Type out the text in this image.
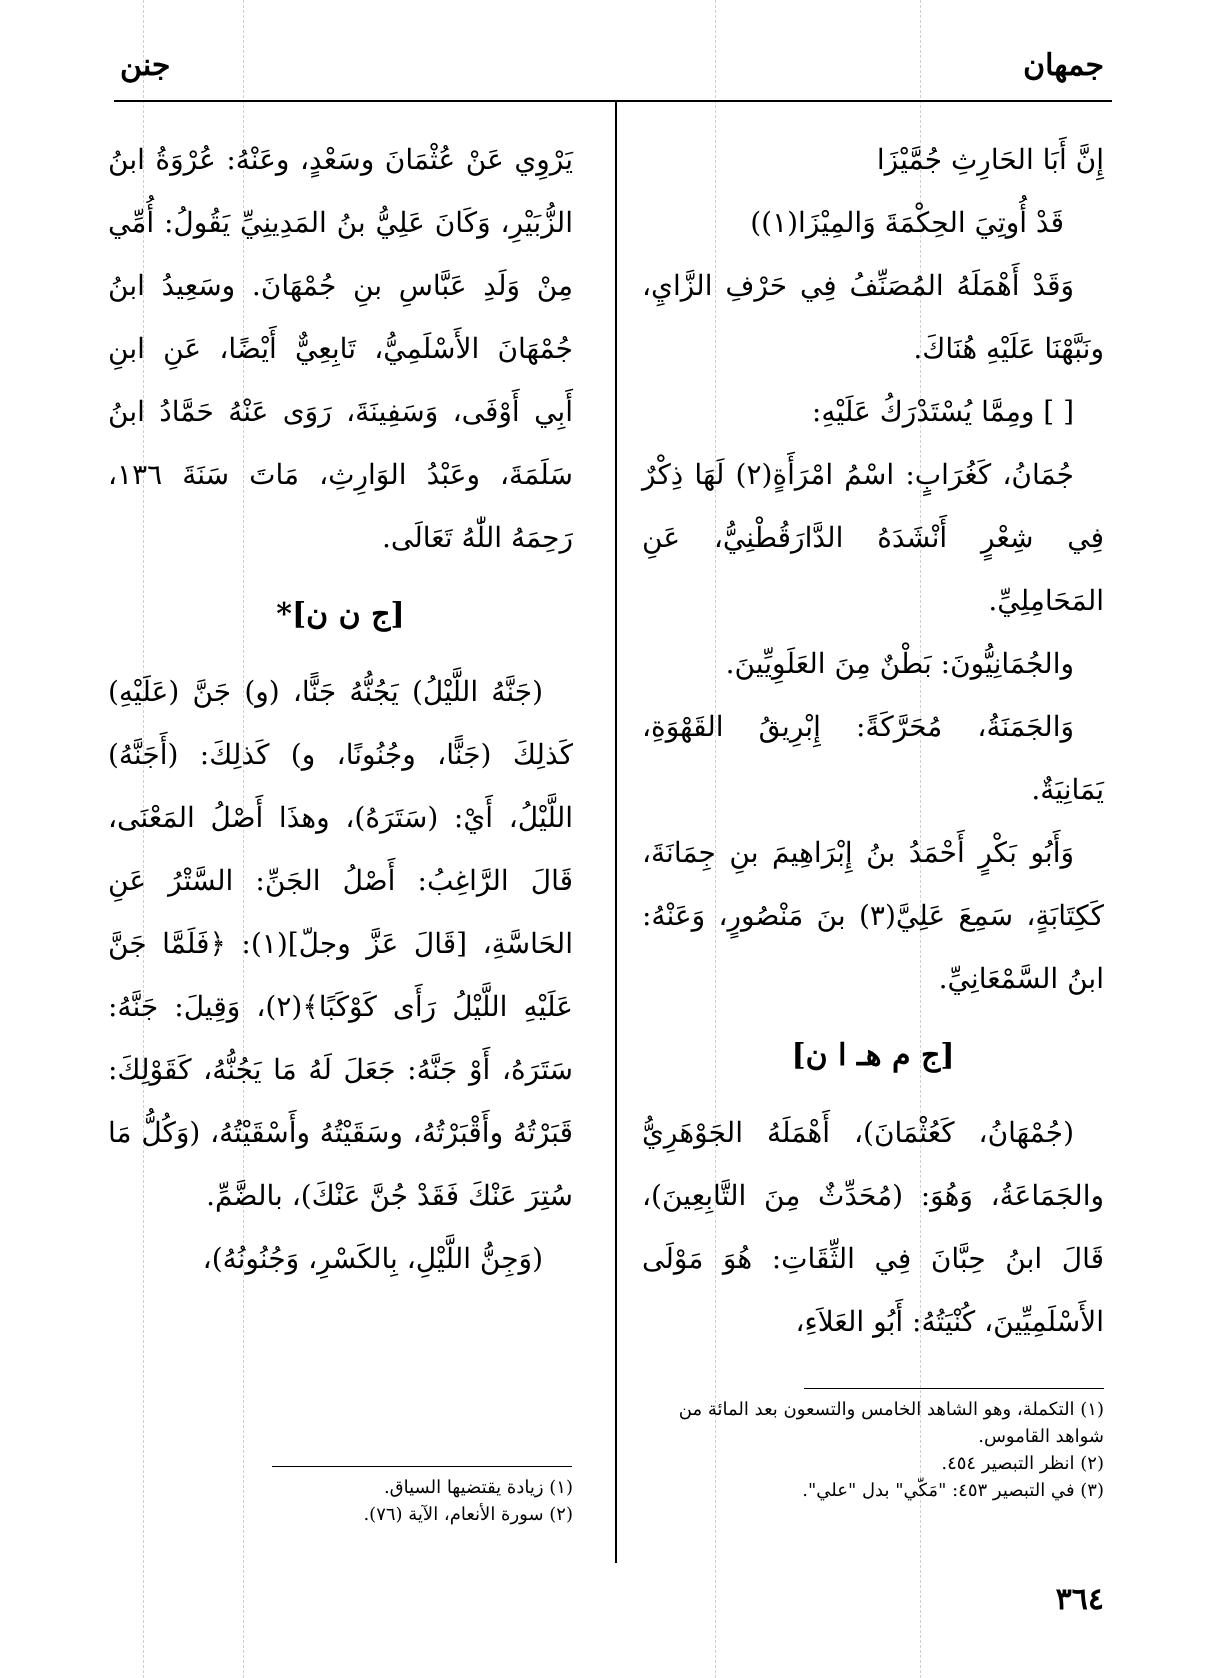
جمهان
جنن

إِنَّ أَبَا الحَارِثِ جُمَّيْزَا

قَدْ أُوتِيَ الحِكْمَةَ وَالمِيْزَا(١))

وَقَدْ أَهْمَلَهُ المُصَنِّفُ فِي حَرْفِ الزَّايِ، ونَبَّهْنَا عَلَيْهِ هُنَاكَ.

[ ] ومِمَّا يُسْتَدْرَكُ عَلَيْهِ:

جُمَانُ، كَغُرَابٍ: اسْمُ امْرَأَةٍ(٢) لَهَا ذِكْرٌ فِي شِعْرٍ أَنْشَدَهُ الدَّارَقُطْنِيُّ، عَنِ المَحَامِلِيِّ.

والجُمَانِيُّونَ: بَطْنٌ مِنَ العَلَوِيِّينَ.

وَالجَمَنَةُ، مُحَرَّكَةً: إِبْرِيقُ القَهْوَةِ، يَمَانِيَةٌ.

وَأَبُو بَكْرٍ أَحْمَدُ بنُ إِبْرَاهِيمَ بنِ جِمَانَةَ، كَكِتَابَةٍ، سَمِعَ عَلِيَّ(٣) بنَ مَنْصُورٍ، وَعَنْهُ: ابنُ السَّمْعَانِيِّ.

[ج م هـ ا ن]

(جُمْهَانُ، كَعُثْمَانَ)، أَهْمَلَهُ الجَوْهَرِيُّ والجَمَاعَةُ، وَهُوَ: (مُحَدِّثٌ مِنَ التَّابِعِينَ)، قَالَ ابنُ حِبَّانَ فِي الثِّقَاتِ: هُوَ مَوْلَى الأَسْلَمِيِّينَ، كُنْيَتُهُ: أَبُو العَلاَءِ،

يَرْوِي عَنْ عُثْمَانَ وسَعْدٍ، وعَنْهُ: عُرْوَةُ ابنُ الزُّبَيْرِ، وَكَانَ عَلِيُّ بنُ المَدِينِيِّ يَقُولُ: أُمِّي مِنْ وَلَدِ عَبَّاسِ بنِ جُمْهَانَ. وسَعِيدُ ابنُ جُمْهَانَ الأَسْلَمِيُّ، تَابِعِيٌّ أَيْضًا، عَنِ ابنِ أَبِي أَوْفَى، وَسَفِينَةَ، رَوَى عَنْهُ حَمَّادُ ابنُ سَلَمَةَ، وعَبْدُ الوَارِثِ، مَاتَ سَنَةَ ١٣٦، رَحِمَهُ اللّٰهُ تَعَالَى.

[ج ن ن]*

(جَنَّهُ اللَّيْلُ) يَجُنُّهُ جَنًّا، (و) جَنَّ (عَلَيْهِ) كَذلِكَ (جَنًّا، وجُنُونًا، و) كَذلِكَ: (أَجَنَّهُ) اللَّيْلُ، أَيْ: (سَتَرَهُ)، وهذَا أَصْلُ المَعْنَى، قَالَ الرَّاغِبُ: أَصْلُ الجَنِّ: السَّتْرُ عَنِ الحَاسَّةِ، [قَالَ عَزَّ وجلّ](١): ﴿فَلَمَّا جَنَّ عَلَيْهِ اللَّيْلُ رَأَى كَوْكَبًا﴾(٢)، وَقِيلَ: جَنَّهُ: سَتَرَهُ، أَوْ جَنَّهُ: جَعَلَ لَهُ مَا يَجُنُّهُ، كَقَوْلِكَ: قَبَرْتُهُ وأَقْبَرْتُهُ، وسَقَيْتُهُ وأَسْقَيْتُهُ، (وَكُلُّ مَا سُتِرَ عَنْكَ فَقَدْ جُنَّ عَنْكَ)، بالضَّمِّ.

(وَجِنُّ اللَّيْلِ، بِالكَسْرِ، وَجُنُونُهُ)،

(١) زيادة يقتضيها السياق.

(٢) سورة الأنعام، الآية (٧٦).

(١) التكملة، وهو الشاهد الخامس والتسعون بعد المائة من شواهد القاموس.

(٢) انظر التبصير ٤٥٤.

(٣) في التبصير ٤٥٣: "مَكّي" بدل "علي".

٣٦٤
